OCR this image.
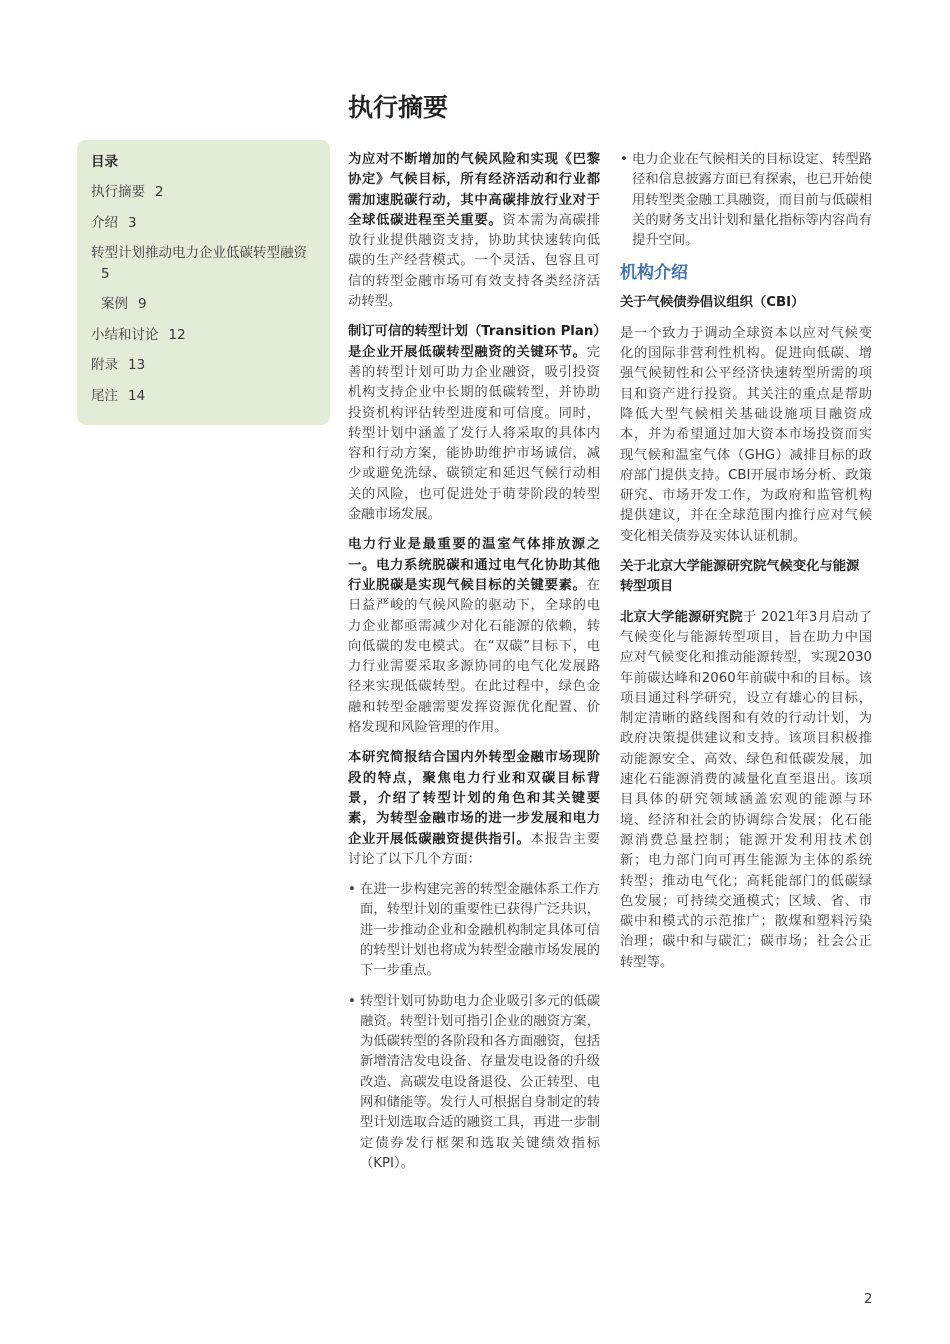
执行摘要
目录
执行摘要 2
介绍 3
转型计划推动电力企业低碳转型融资5
案例 9
小结和讨论 12
附录 13
尾注 14

为应对不断增加的气候风险和实现《巴黎协定》气候目标，所有经济活动和行业都需加速脱碳行动，其中高碳排放行业对于全球低碳进程至关重要。资本需为高碳排放行业提供融资支持，协助其快速转向低碳的生产经营模式。一个灵活、包容且可信的转型金融市场可有效支持各类经济活动转型。

制订可信的转型计划（Transition Plan）是企业开展低碳转型融资的关键环节。完善的转型计划可助力企业融资，吸引投资机构支持企业中长期的低碳转型，并协助投资机构评估转型进度和可信度。同时，转型计划中涵盖了发行人将采取的具体内容和行动方案，能协助维护市场诚信，减少或避免洗绿、碳锁定和延迟气候行动相关的风险，也可促进处于萌芽阶段的转型金融市场发展。

电力行业是最重要的温室气体排放源之一。电力系统脱碳和通过电气化协助其他行业脱碳是实现气候目标的关键要素。在日益严峻的气候风险的驱动下，全球的电力企业都亟需减少对化石能源的依赖，转向低碳的发电模式。在“双碳”目标下，电力行业需要采取多源协同的电气化发展路径来实现低碳转型。在此过程中，绿色金融和转型金融需要发挥资源优化配置、价格发现和风险管理的作用。

本研究简报结合国内外转型金融市场现阶段的特点，聚焦电力行业和双碳目标背景，介绍了转型计划的角色和其关键要素，为转型金融市场的进一步发展和电力企业开展低碳融资提供指引。本报告主要讨论了以下几个方面：

• 在进一步构建完善的转型金融体系工作方面，转型计划的重要性已获得广泛共识，进一步推动企业和金融机构制定具体可信的转型计划也将成为转型金融市场发展的下一步重点。
• 转型计划可协助电力企业吸引多元的低碳融资。转型计划可指引企业的融资方案，为低碳转型的各阶段和各方面融资，包括新增清洁发电设备、存量发电设备的升级改造、高碳发电设备退役、公正转型、电网和储能等。发行人可根据自身制定的转型计划选取合适的融资工具，再进一步制定债券发行框架和选取关键绩效指标（KPI）。
• 电力企业在气候相关的目标设定、转型路径和信息披露方面已有探索，也已开始使用转型类金融工具融资，而目前与低碳相关的财务支出计划和量化指标等内容尚有提升空间。
机构介绍
关于气候债券倡议组织（CBI）

是一个致力于调动全球资本以应对气候变化的国际非营利性机构。促进向低碳、增强气候韧性和公平经济快速转型所需的项目和资产进行投资。其关注的重点是帮助降低大型气候相关基础设施项目融资成本，并为希望通过加大资本市场投资而实现气候和温室气体（GHG）减排目标的政府部门提供支持。CBI开展市场分析、政策研究、市场开发工作，为政府和监管机构提供建议，并在全球范围内推行应对气候变化相关债券及实体认证机制。

关于北京大学能源研究院气候变化与能源转型项目

北京大学能源研究院于 2021年3月启动了气候变化与能源转型项目，旨在助力中国应对气候变化和推动能源转型，实现2030年前碳达峰和2060年前碳中和的目标。该项目通过科学研究，设立有雄心的目标，制定清晰的路线图和有效的行动计划，为政府决策提供建议和支持。该项目积极推动能源安全、高效、绿色和低碳发展，加速化石能源消费的减量化直至退出。该项目具体的研究领域涵盖宏观的能源与环境、经济和社会的协调综合发展；化石能源消费总量控制；能源开发利用技术创新；电力部门向可再生能源为主体的系统转型；推动电气化；高耗能部门的低碳绿色发展；可持续交通模式；区域、省、市碳中和模式的示范推广；散煤和塑料污染治理；碳中和与碳汇；碳市场；社会公正转型等。

2
